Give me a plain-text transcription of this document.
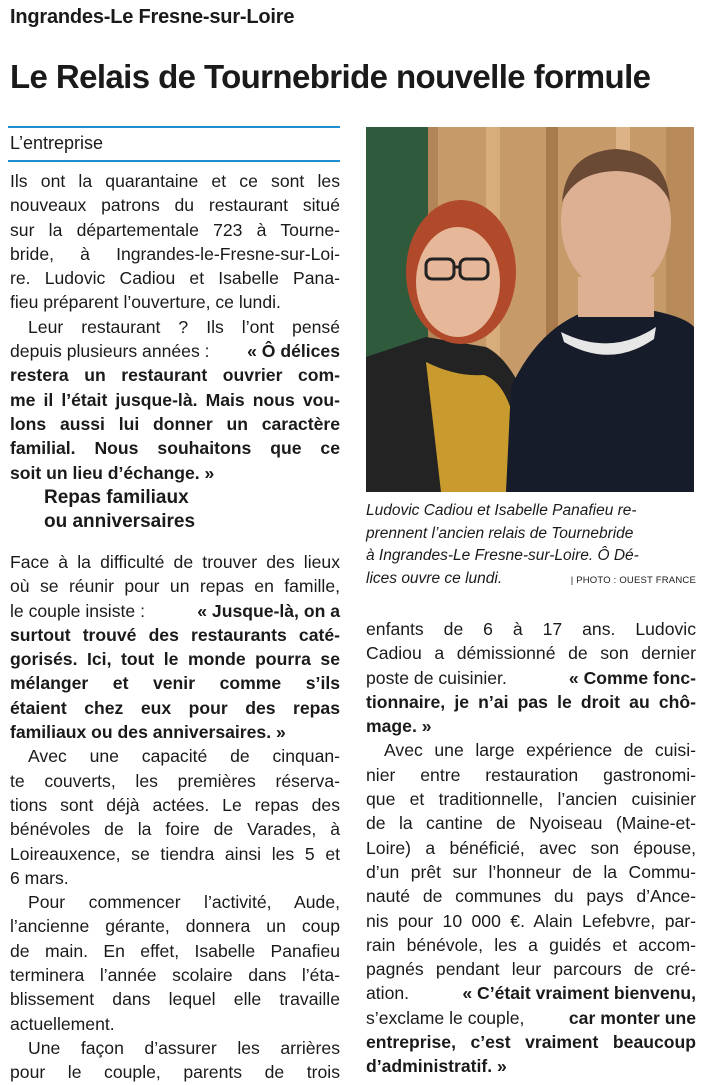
Ingrandes-Le Fresne-sur-Loire
Le Relais de Tournebride nouvelle formule
L’entreprise
Ils ont la quarantaine et ce sont les
nouveaux patrons du restaurant situé
sur la départementale 723 à Tourne-
bride, à Ingrandes-le-Fresne-sur-Loi-
re. Ludovic Cadiou et Isabelle Pana-
fieu préparent l’ouverture, ce lundi.
Leur restaurant ? Ils l’ont pensé
depuis plusieurs années : « Ô délices
restera un restaurant ouvrier com-
me il l’était jusque-là. Mais nous vou-
lons aussi lui donner un caractère
familial. Nous souhaitons que ce
soit un lieu d’échange. »
Repas familiaux
ou anniversaires
Face à la difficulté de trouver des lieux
où se réunir pour un repas en famille,
le couple insiste :	« Jusque-là, on a
surtout trouvé des restaurants caté-
gorisés. Ici, tout le monde pourra se
mélanger et venir comme s’ils
étaient chez eux pour des repas
familiaux ou des anniversaires. »
Avec une capacité de cinquan-
te couverts, les premières réserva-
tions sont déjà actées. Le repas des
bénévoles de la foire de Varades, à
Loireauxence, se tiendra ainsi les 5 et
6 mars.
Pour commencer l’activité, Aude,
l’ancienne gérante, donnera un coup
de main. En effet, Isabelle Panafieu
terminera l’année scolaire dans l’éta-
blissement dans lequel elle travaille
actuellement.
Une façon d’assurer les arrières
pour le couple, parents de trois
Ludovic Cadiou et Isabelle Panafieu re-
prennent l’ancien relais de Tournebride
à Ingrandes-Le Fresne-sur-Loire. Ô Dé-
lices ouvre ce lundi.	| PHOTO : OUEST FRANCE
enfants de 6 à 17 ans. Ludovic
Cadiou a démissionné de son dernier
poste de cuisinier.	« Comme fonc-
tionnaire, je n’ai pas le droit au chô-
mage. »
Avec une large expérience de cuisi-
nier entre restauration gastronomi-
que et traditionnelle, l’ancien cuisinier
de la cantine de Nyoiseau (Maine-et-
Loire) a bénéficié, avec son épouse,
d’un prêt sur l’honneur de la Commu-
nauté de communes du pays d’Ance-
nis pour 10 000 €. Alain Lefebvre, par-
rain bénévole, les a guidés et accom-
pagnés pendant leur parcours de cré-
ation.	« C’était vraiment bienvenu,
s’exclame le couple,	car monter une
entreprise, c’est vraiment beaucoup
d’administratif. »
